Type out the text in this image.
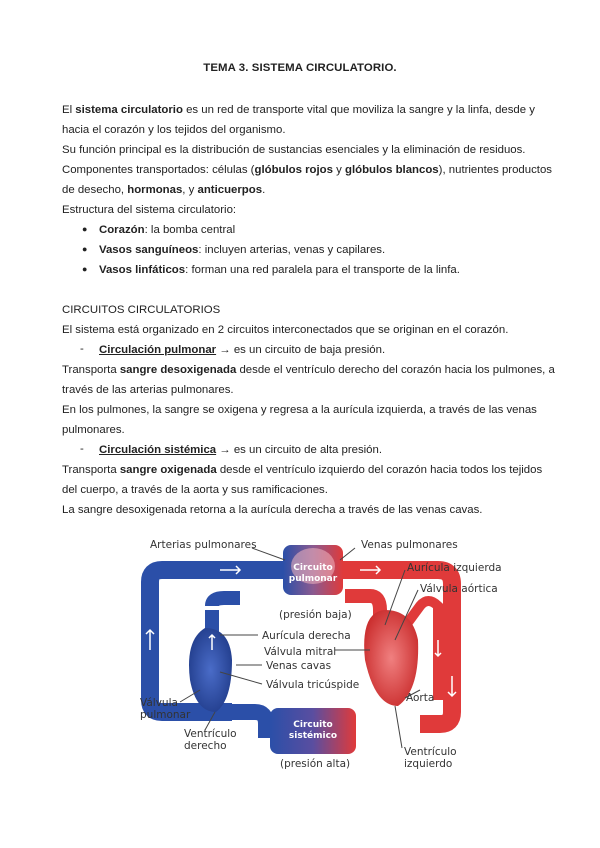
TEMA 3. SISTEMA CIRCULATORIO.
El sistema circulatorio es un red de transporte vital que moviliza la sangre y la linfa, desde y
hacia el corazón y los tejidos del organismo.
Su función principal es la distribución de sustancias esenciales y la eliminación de residuos.
Componentes transportados: células (glóbulos rojos y glóbulos blancos), nutrientes productos
de desecho, hormonas, y anticuerpos.
Estructura del sistema circulatorio:
● Corazón: la bomba central
● Vasos sanguíneos: incluyen arterias, venas y capilares.
● Vasos linfáticos: forman una red paralela para el transporte de la linfa.
CIRCUITOS CIRCULATORIOS
El sistema está organizado en 2 circuitos interconectados que se originan en el corazón.
- Circulación pulmonar → es un circuito de baja presión.
Transporta sangre desoxigenada desde el ventrículo derecho del corazón hacia los pulmones, a
través de las arterias pulmonares.
En los pulmones, la sangre se oxigena y regresa a la aurícula izquierda, a través de las venas
pulmonares.
- Circulación sistémica → es un circuito de alta presión.
Transporta sangre oxigenada desde el ventrículo izquierdo del corazón hacia todos los tejidos
del cuerpo, a través de la aorta y sus ramificaciones.
La sangre desoxigenada retorna a la aurícula derecha a través de las venas cavas.
Circuito
pulmonar
Circuito
sistémico
Arterias pulmonares	Venas pulmonares
(presión baja)
Aurícula izquierda
Válvula aórtica
Aurícula derecha
Válvula mitral
Venas cavas
Válvula tricúspide
Aorta
Válvula
pulmonar
Ventrículo
derecho
(presión alta)
Ventrículo
izquierdo
